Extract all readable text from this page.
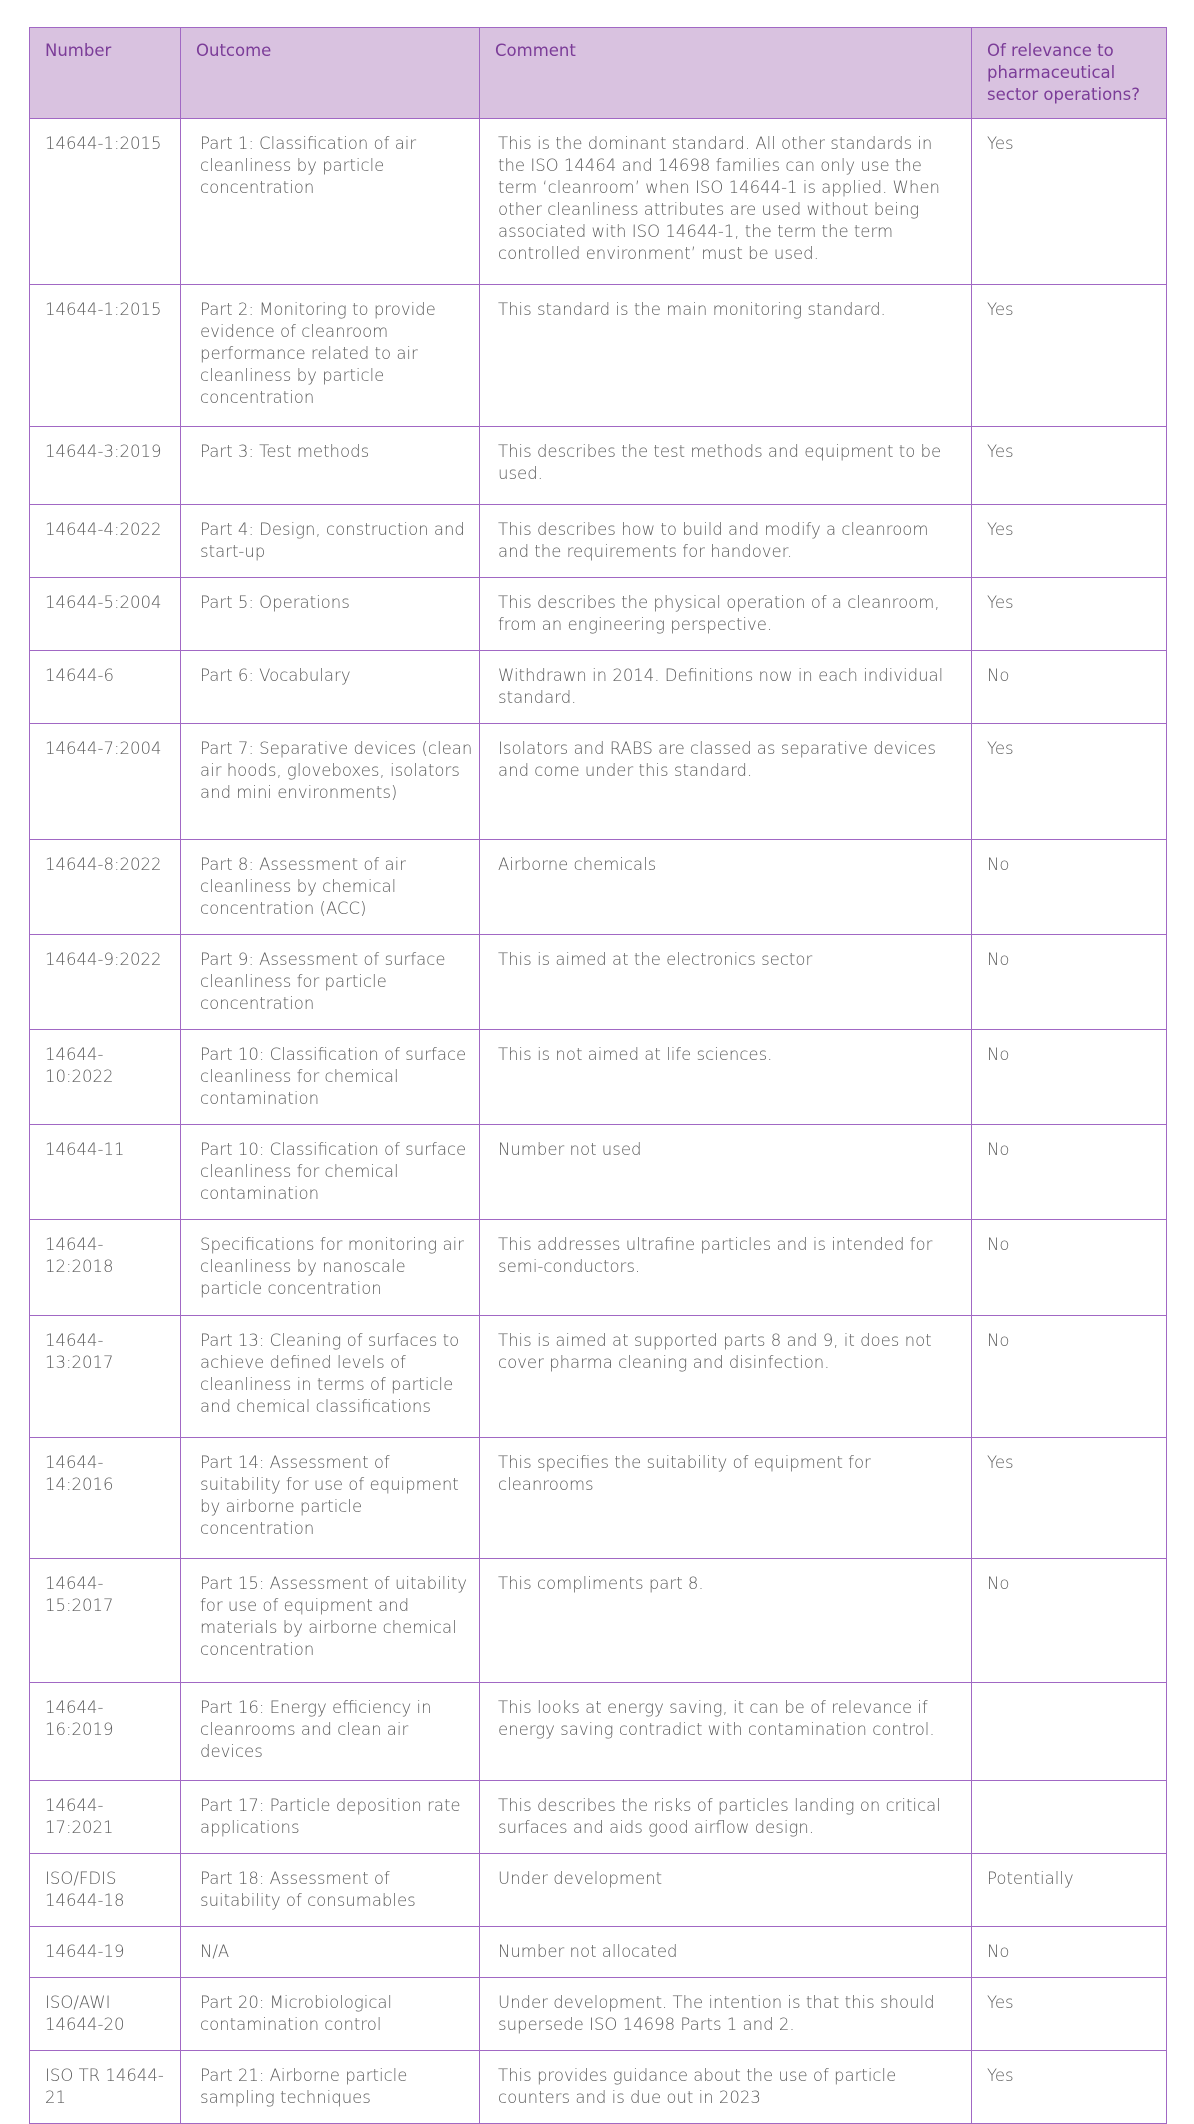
Number	Outcome	Comment	Of relevance to pharmaceutical sector operations?
14644-1:2015	Part 1: Classification of air cleanliness by particle concentration	This is the dominant standard. All other standards in the ISO 14464 and 14698 families can only use the term ‘cleanroom’ when ISO 14644-1 is applied. When other cleanliness attributes are used without being associated with ISO 14644-1, the term the term controlled environment’ must be used.	Yes
14644-1:2015	Part 2: Monitoring to provide evidence of cleanroom performance related to air cleanliness by particle concentration	This standard is the main monitoring standard.	Yes
14644-3:2019	Part 3: Test methods	This describes the test methods and equipment to be used.	Yes
14644-4:2022	Part 4: Design, construction and start-up	This describes how to build and modify a cleanroom and the requirements for handover.	Yes
14644-5:2004	Part 5: Operations	This describes the physical operation of a cleanroom, from an engineering perspective.	Yes
14644-6	Part 6: Vocabulary	Withdrawn in 2014. Definitions now in each individual standard.	No
14644-7:2004	Part 7: Separative devices (clean air hoods, gloveboxes, isolators and mini environments)	Isolators and RABS are classed as separative devices and come under this standard.	Yes
14644-8:2022	Part 8: Assessment of air cleanliness by chemical concentration (ACC)	Airborne chemicals	No
14644-9:2022	Part 9: Assessment of surface cleanliness for particle concentration	This is aimed at the electronics sector	No
14644-10:2022	Part 10: Classification of surface cleanliness for chemical contamination	This is not aimed at life sciences.	No
14644-11	Part 10: Classification of surface cleanliness for chemical contamination	Number not used	No
14644-12:2018	Specifications for monitoring air cleanliness by nanoscale particle concentration	This addresses ultrafine particles and is intended for semi-conductors.	No
14644-13:2017	Part 13: Cleaning of surfaces to achieve defined levels of cleanliness in terms of particle and chemical classifications	This is aimed at supported parts 8 and 9, it does not cover pharma cleaning and disinfection.	No
14644-14:2016	Part 14: Assessment of suitability for use of equipment by airborne particle concentration	This specifies the suitability of equipment for cleanrooms	Yes
14644-15:2017	Part 15: Assessment of uitability for use of equipment and materials by airborne chemical concentration	This compliments part 8.	No
14644-16:2019	Part 16: Energy efficiency in cleanrooms and clean air devices	This looks at energy saving, it can be of relevance if energy saving contradict with contamination control.	
14644-17:2021	Part 17: Particle deposition rate applications	This describes the risks of particles landing on critical surfaces and aids good airflow design.	
ISO/FDIS 14644-18	Part 18: Assessment of suitability of consumables	Under development	Potentially
14644-19	N/A	Number not allocated	No
ISO/AWI 14644-20	Part 20: Microbiological contamination control	Under development. The intention is that this should supersede ISO 14698 Parts 1 and 2.	Yes
ISO TR 14644-21	Part 21: Airborne particle sampling techniques	This provides guidance about the use of particle counters and is due out in 2023	Yes
